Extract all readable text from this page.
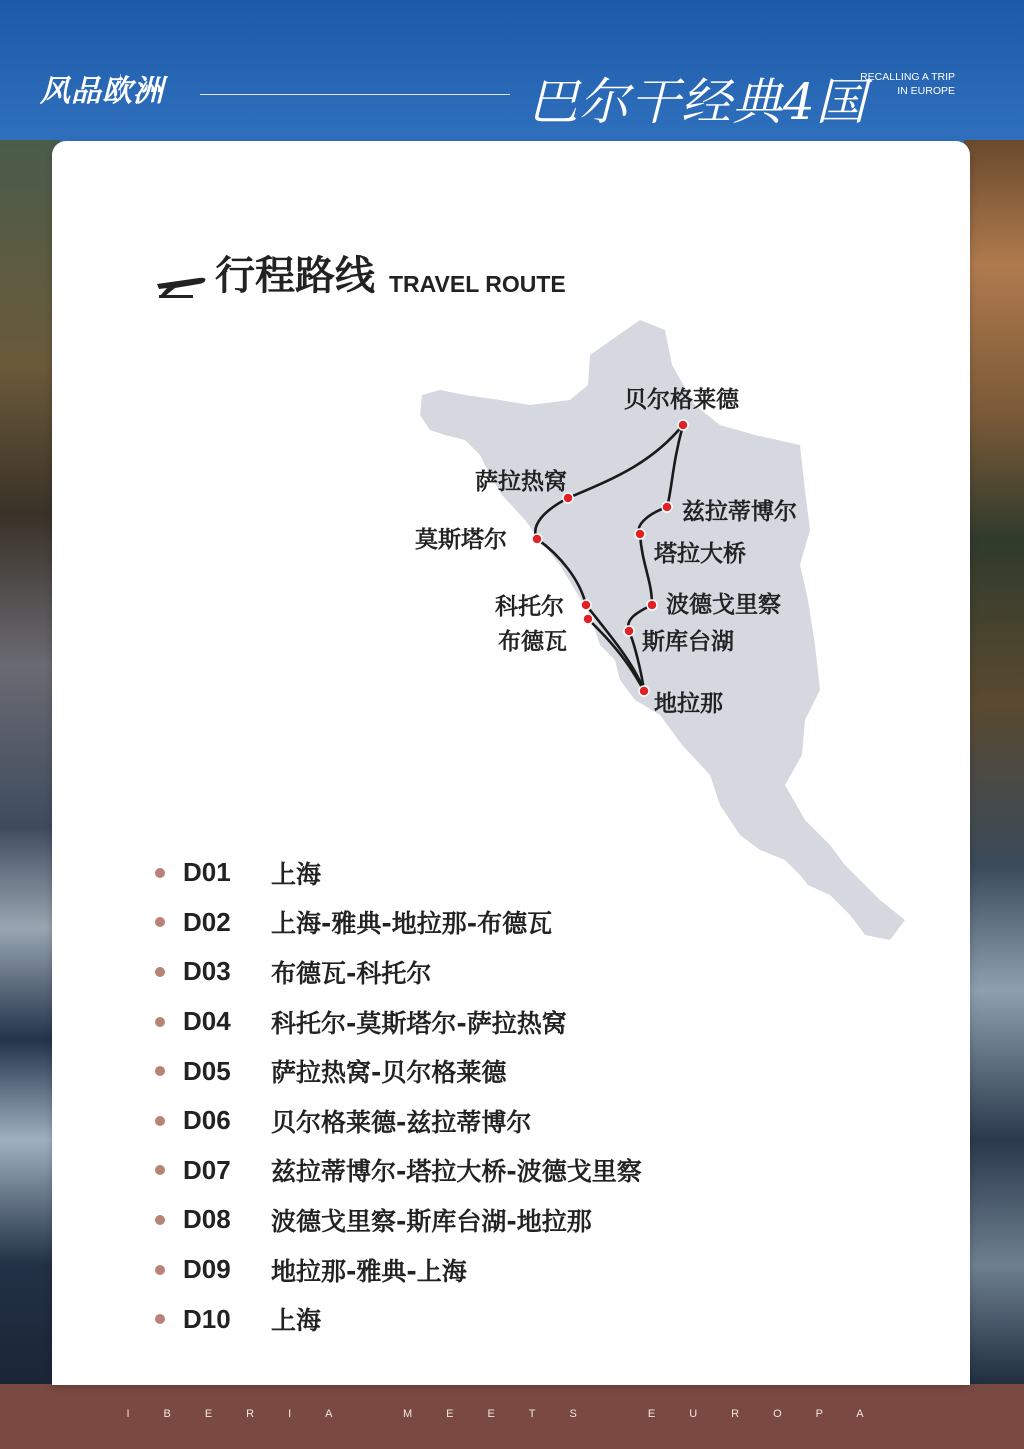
风品欧洲	巴尔干经典4国
RECALLING A TRIP
IN EUROPE
行程路线 TRAVEL ROUTE
贝尔格莱德
萨拉热窝
兹拉蒂博尔
莫斯塔尔
塔拉大桥
科托尔	波德戈里察
布德瓦	斯库台湖
地拉那
D01	上海
D02	上海-雅典-地拉那-布德瓦
D03	布德瓦-科托尔
D04	科托尔-莫斯塔尔-萨拉热窝
D05	萨拉热窝-贝尔格莱德
D06	贝尔格莱德-兹拉蒂博尔
D07	兹拉蒂博尔-塔拉大桥-波德戈里察
D08	波德戈里察-斯库台湖-地拉那
D09	地拉那-雅典-上海
D10	上海
IBERIA MEETS EUROPA
